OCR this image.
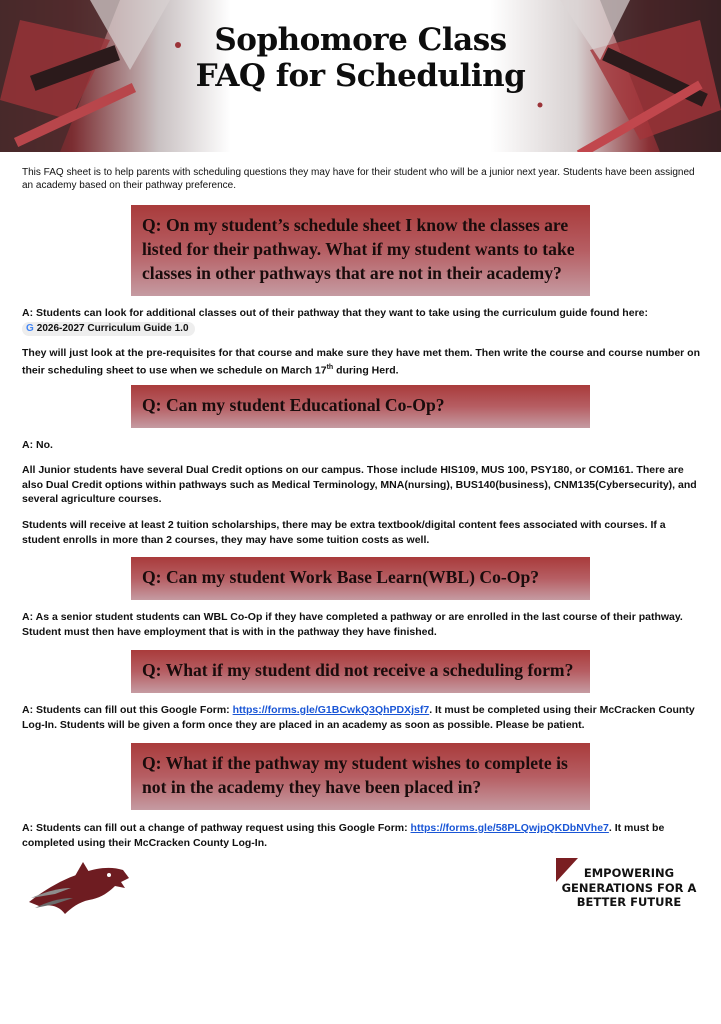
Sophomore Class
FAQ for Scheduling
This FAQ sheet is to help parents with scheduling questions they may have for their student who will be a junior next year. Students have been assigned an academy based on their pathway preference.
Q: On my student’s schedule sheet I know the classes are listed for their pathway. What if my student wants to take classes in other pathways that are not in their academy?
A: Students can look for additional classes out of their pathway that they want to take using the curriculum guide found here:
G 2026-2027 Curriculum Guide 1.0
They will just look at the pre-requisites for that course and make sure they have met them. Then write the course and course number on their scheduling sheet to use when we schedule on March 17th during Herd.
Q: Can my student Educational Co-Op?
A: No.
All Junior students have several Dual Credit options on our campus. Those include HIS109, MUS 100, PSY180, or COM161. There are also Dual Credit options within pathways such as Medical Terminology, MNA(nursing), BUS140(business), CNM135(Cybersecurity), and several agriculture courses.
Students will receive at least 2 tuition scholarships, there may be extra textbook/digital content fees associated with courses. If a student enrolls in more than 2 courses, they may have some tuition costs as well.
Q: Can my student Work Base Learn(WBL) Co-Op?
A: As a senior student students can WBL Co-Op if they have completed a pathway or are enrolled in the last course of their pathway. Student must then have employment that is with in the pathway they have finished.
Q: What if my student did not receive a scheduling form?
A: Students can fill out this Google Form: https://forms.gle/G1BCwkQ3QhPDXjsf7. It must be completed using their McCracken County Log-In. Students will be given a form once they are placed in an academy as soon as possible. Please be patient.
Q: What if the pathway my student wishes to complete is not in the academy they have been placed in?
A: Students can fill out a change of pathway request using this Google Form: https://forms.gle/58PLQwjpQKDbNVhe7. It must be completed using their McCracken County Log-In.
EMPOWERING
GENERATIONS FOR A
BETTER FUTURE
